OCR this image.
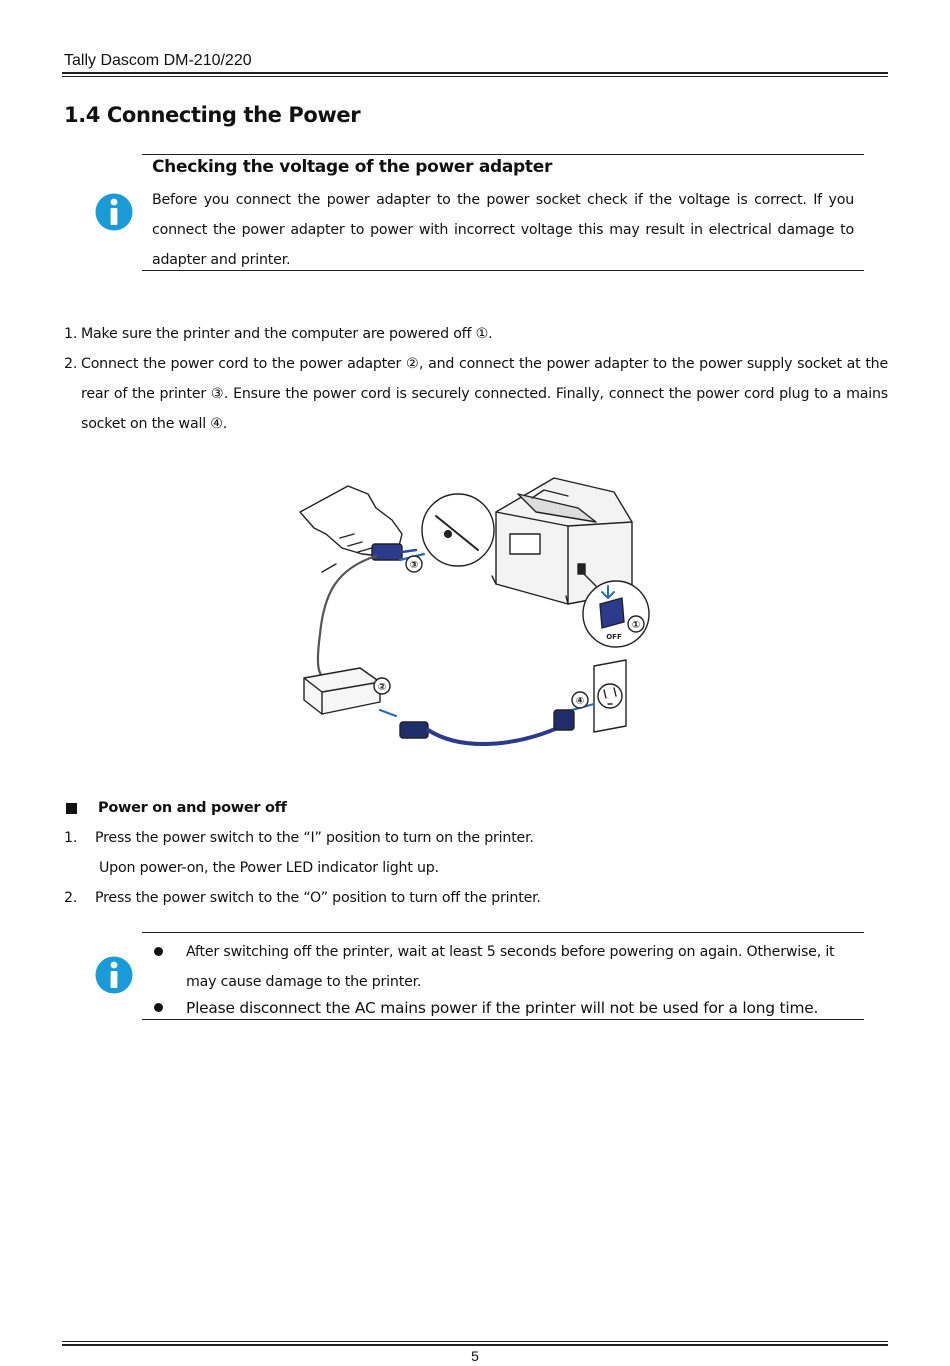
Tally Dascom DM-210/220
1.4 Connecting the Power
Checking the voltage of the power adapter
Before you connect the power adapter to the power socket check if the voltage is correct. If you connect the power adapter to power with incorrect voltage this may result in electrical damage to adapter and printer.
1. Make sure the printer and the computer are powered off ①.
2. Connect the power cord to the power adapter ②, and connect the power adapter to the power supply socket at the rear of the printer ③. Ensure the power cord is securely connected. Finally, connect the power cord plug to a mains socket on the wall ④.
①
②
③
④
OFF
Power on and power off
1. Press the power switch to the “I” position to turn on the printer.
Upon power-on, the Power LED indicator light up.
2. Press the power switch to the “O” position to turn off the printer.
After switching off the printer, wait at least 5 seconds before powering on again. Otherwise, it may cause damage to the printer.
Please disconnect the AC mains power if the printer will not be used for a long time.
5
